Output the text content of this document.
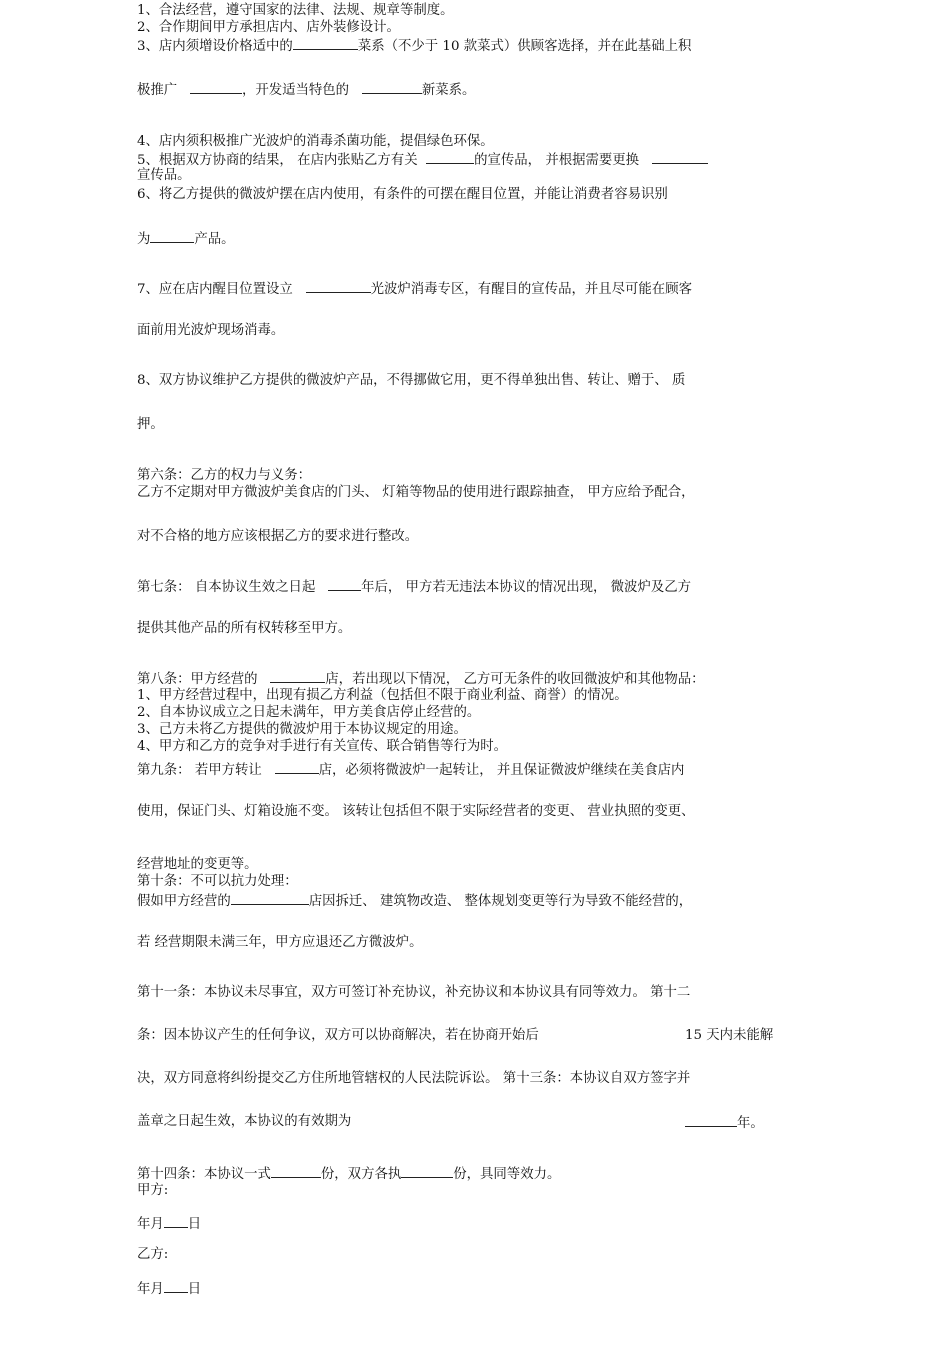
1、合法经营，遵守国家的法律、法规、规章等制度。
2、合作期间甲方承担店内、店外装修设计。
3、店内须增设价格适中的	菜系（不少于 10 款菜式）供顾客选择，并在此基础上积
极推广	，开发适当特色的	新菜系。
4、店内须积极推广光波炉的消毒杀菌功能，提倡绿色环保。
5、根据双方协商的结果， 在店内张贴乙方有关	的宣传品， 并根据需要更换
宣传品。
6、将乙方提供的微波炉摆在店内使用，有条件的可摆在醒目位置，并能让消费者容易识别
为	产品。
7、应在店内醒目位置设立	光波炉消毒专区，有醒目的宣传品，并且尽可能在顾客
面前用光波炉现场消毒。
8、双方协议维护乙方提供的微波炉产品，不得挪做它用，更不得单独出售、转让、赠于、 质
押。
第六条：乙方的权力与义务：
乙方不定期对甲方微波炉美食店的门头、 灯箱等物品的使用进行跟踪抽查， 甲方应给予配合，
对不合格的地方应该根据乙方的要求进行整改。
第七条： 自本协议生效之日起	年后， 甲方若无违法本协议的情况出现， 微波炉及乙方
提供其他产品的所有权转移至甲方。
第八条：甲方经营的	店，若出现以下情况， 乙方可无条件的收回微波炉和其他物品：
1、甲方经营过程中，出现有损乙方利益（包括但不限于商业利益、商誉）的情况。
2、自本协议成立之日起未满年，甲方美食店停止经营的。
3、己方未将乙方提供的微波炉用于本协议规定的用途。
4、甲方和乙方的竞争对手进行有关宣传、联合销售等行为时。
第九条： 若甲方转让	店，必须将微波炉一起转让， 并且保证微波炉继续在美食店内
使用，保证门头、灯箱设施不变。 该转让包括但不限于实际经营者的变更、 营业执照的变更、
经营地址的变更等。
第十条：不可以抗力处理：
假如甲方经营的	店因拆迁、 建筑物改造、 整体规划变更等行为导致不能经营的，
若 经营期限未满三年，甲方应退还乙方微波炉。
第十一条：本协议未尽事宜，双方可签订补充协议，补充协议和本协议具有同等效力。 第十二
条：因本协议产生的任何争议，双方可以协商解决，若在协商开始后	15 天内未能解
决，双方同意将纠纷提交乙方住所地管辖权的人民法院诉讼。 第十三条：本协议自双方签字并
盖章之日起生效，本协议的有效期为	年。
第十四条：本协议一式	份，双方各执	份，具同等效力。
甲方:
年月 日
乙方:
年月 日
